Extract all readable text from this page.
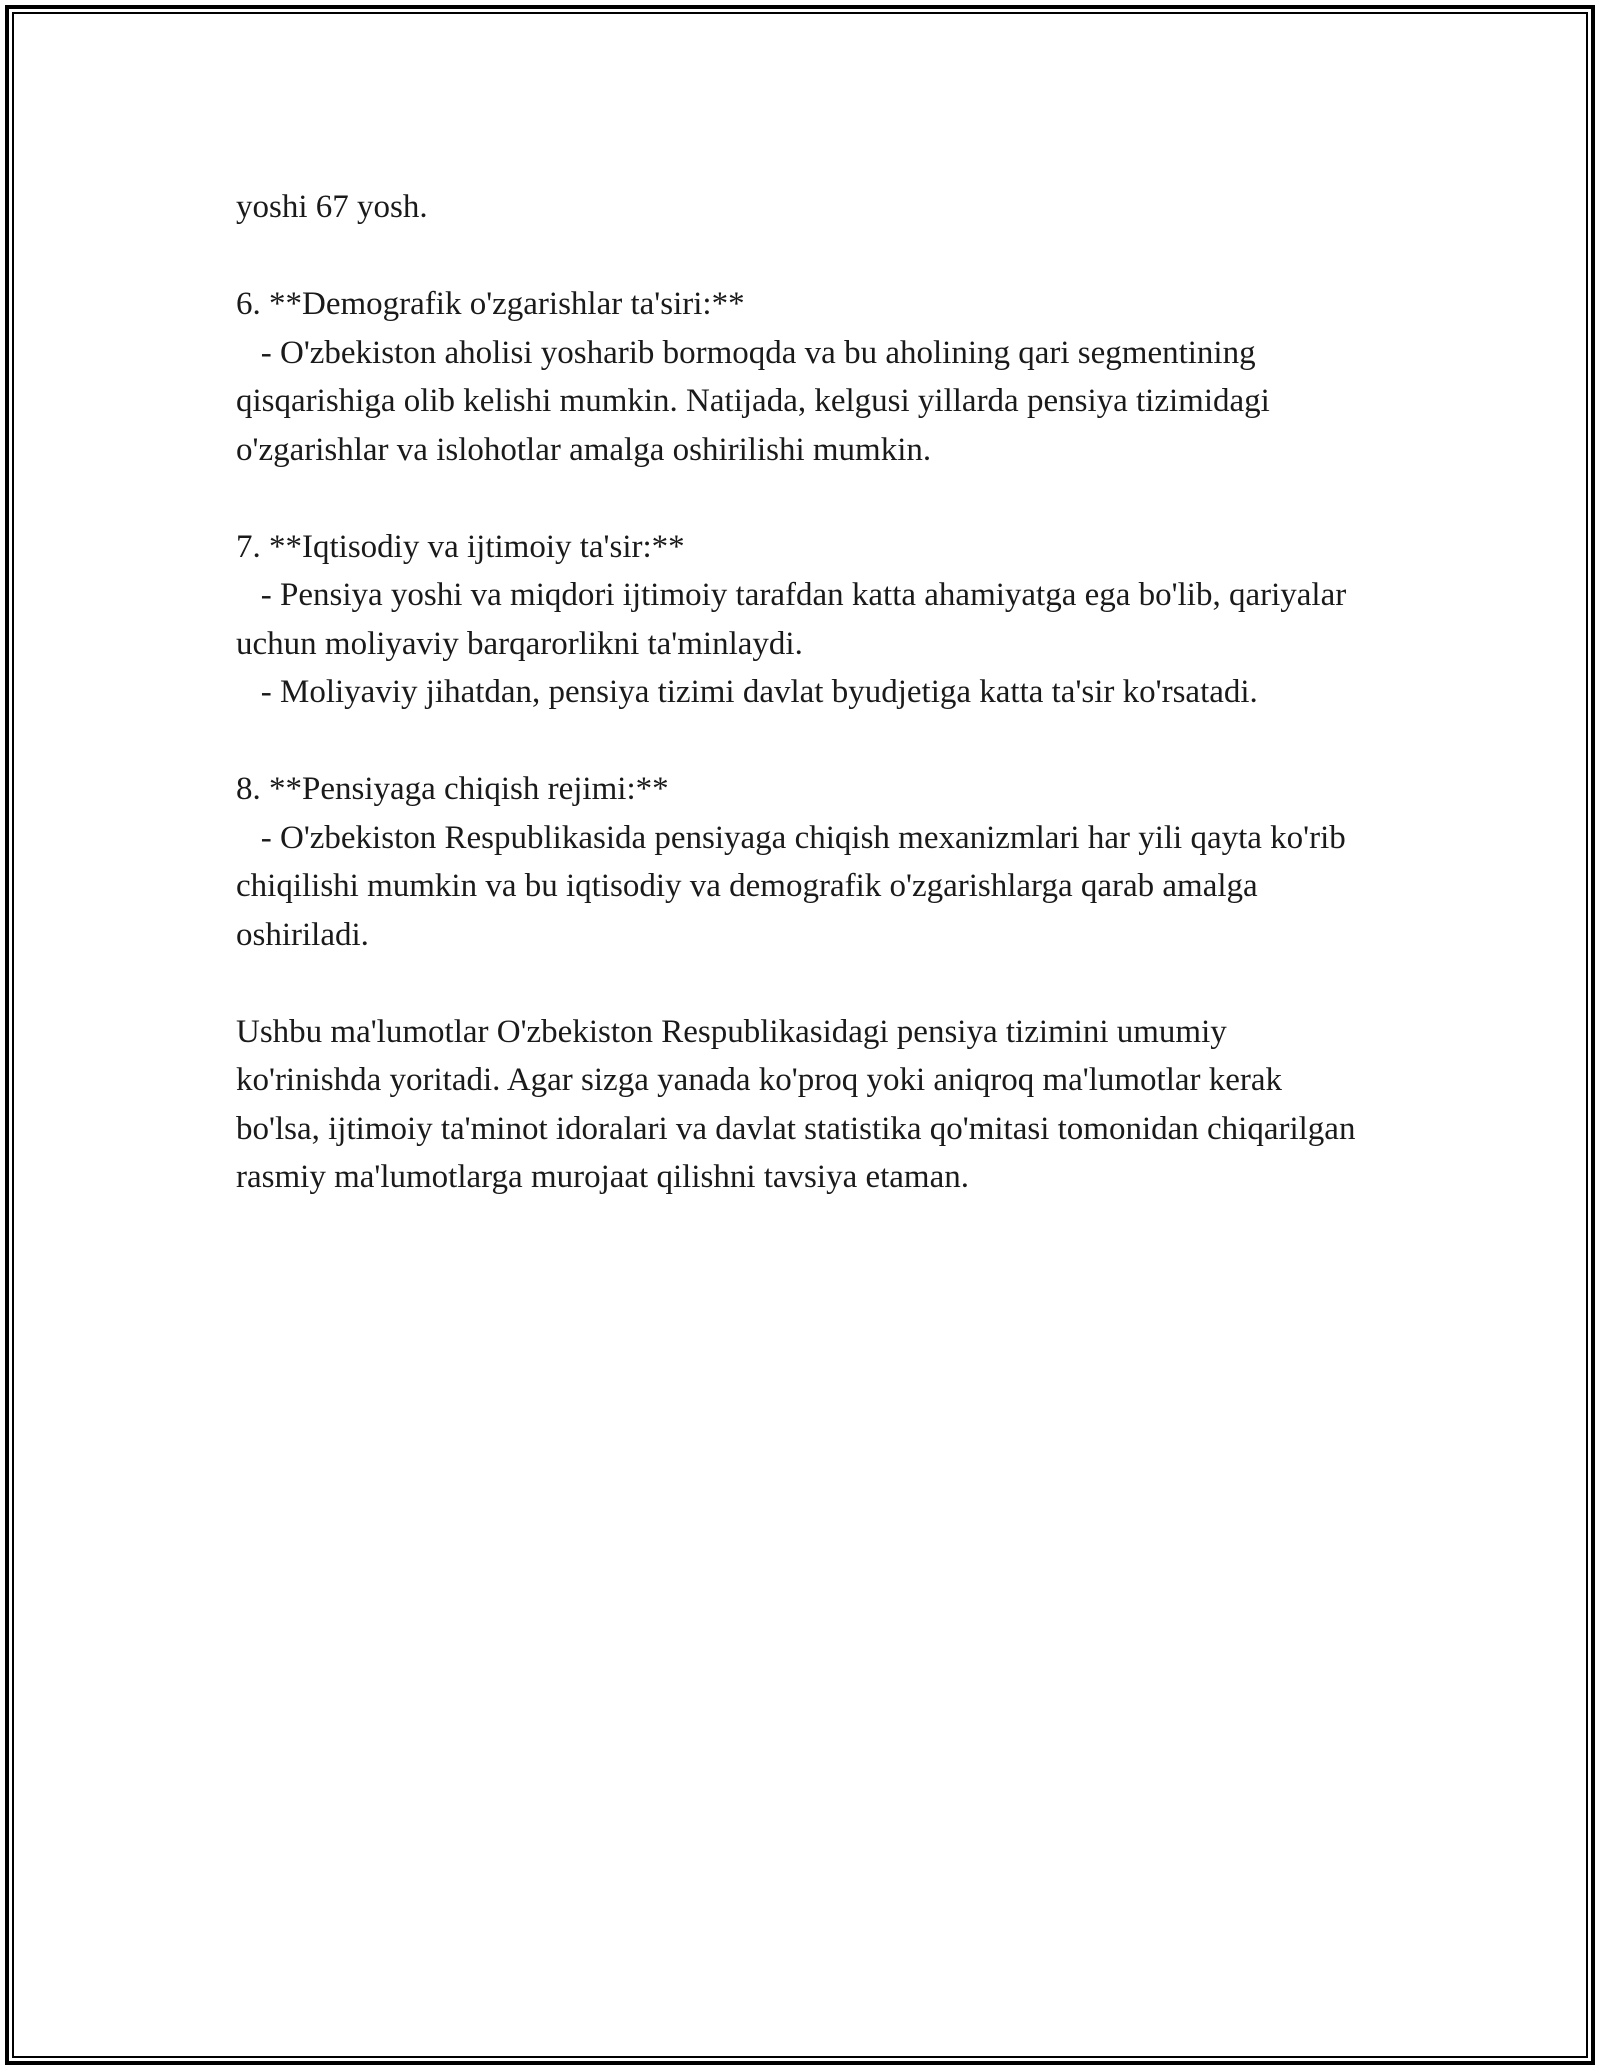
yoshi 67 yosh.

6. **Demografik o'zgarishlar ta'siri:**

- O'zbekiston aholisi yosharib bormoqda va bu aholining qari segmentining qisqarishiga olib kelishi mumkin. Natijada, kelgusi yillarda pensiya tizimidagi o'zgarishlar va islohotlar amalga oshirilishi mumkin.

7. **Iqtisodiy va ijtimoiy ta'sir:**

- Pensiya yoshi va miqdori ijtimoiy tarafdan katta ahamiyatga ega bo'lib, qariyalar uchun moliyaviy barqarorlikni ta'minlaydi.

- Moliyaviy jihatdan, pensiya tizimi davlat byudjetiga katta ta'sir ko'rsatadi.

8. **Pensiyaga chiqish rejimi:**

- O'zbekiston Respublikasida pensiyaga chiqish mexanizmlari har yili qayta ko'rib chiqilishi mumkin va bu iqtisodiy va demografik o'zgarishlarga qarab amalga oshiriladi.

Ushbu ma'lumotlar O'zbekiston Respublikasidagi pensiya tizimini umumiy ko'rinishda yoritadi. Agar sizga yanada ko'proq yoki aniqroq ma'lumotlar kerak bo'lsa, ijtimoiy ta'minot idoralari va davlat statistika qo'mitasi tomonidan chiqarilgan rasmiy ma'lumotlarga murojaat qilishni tavsiya etaman.
